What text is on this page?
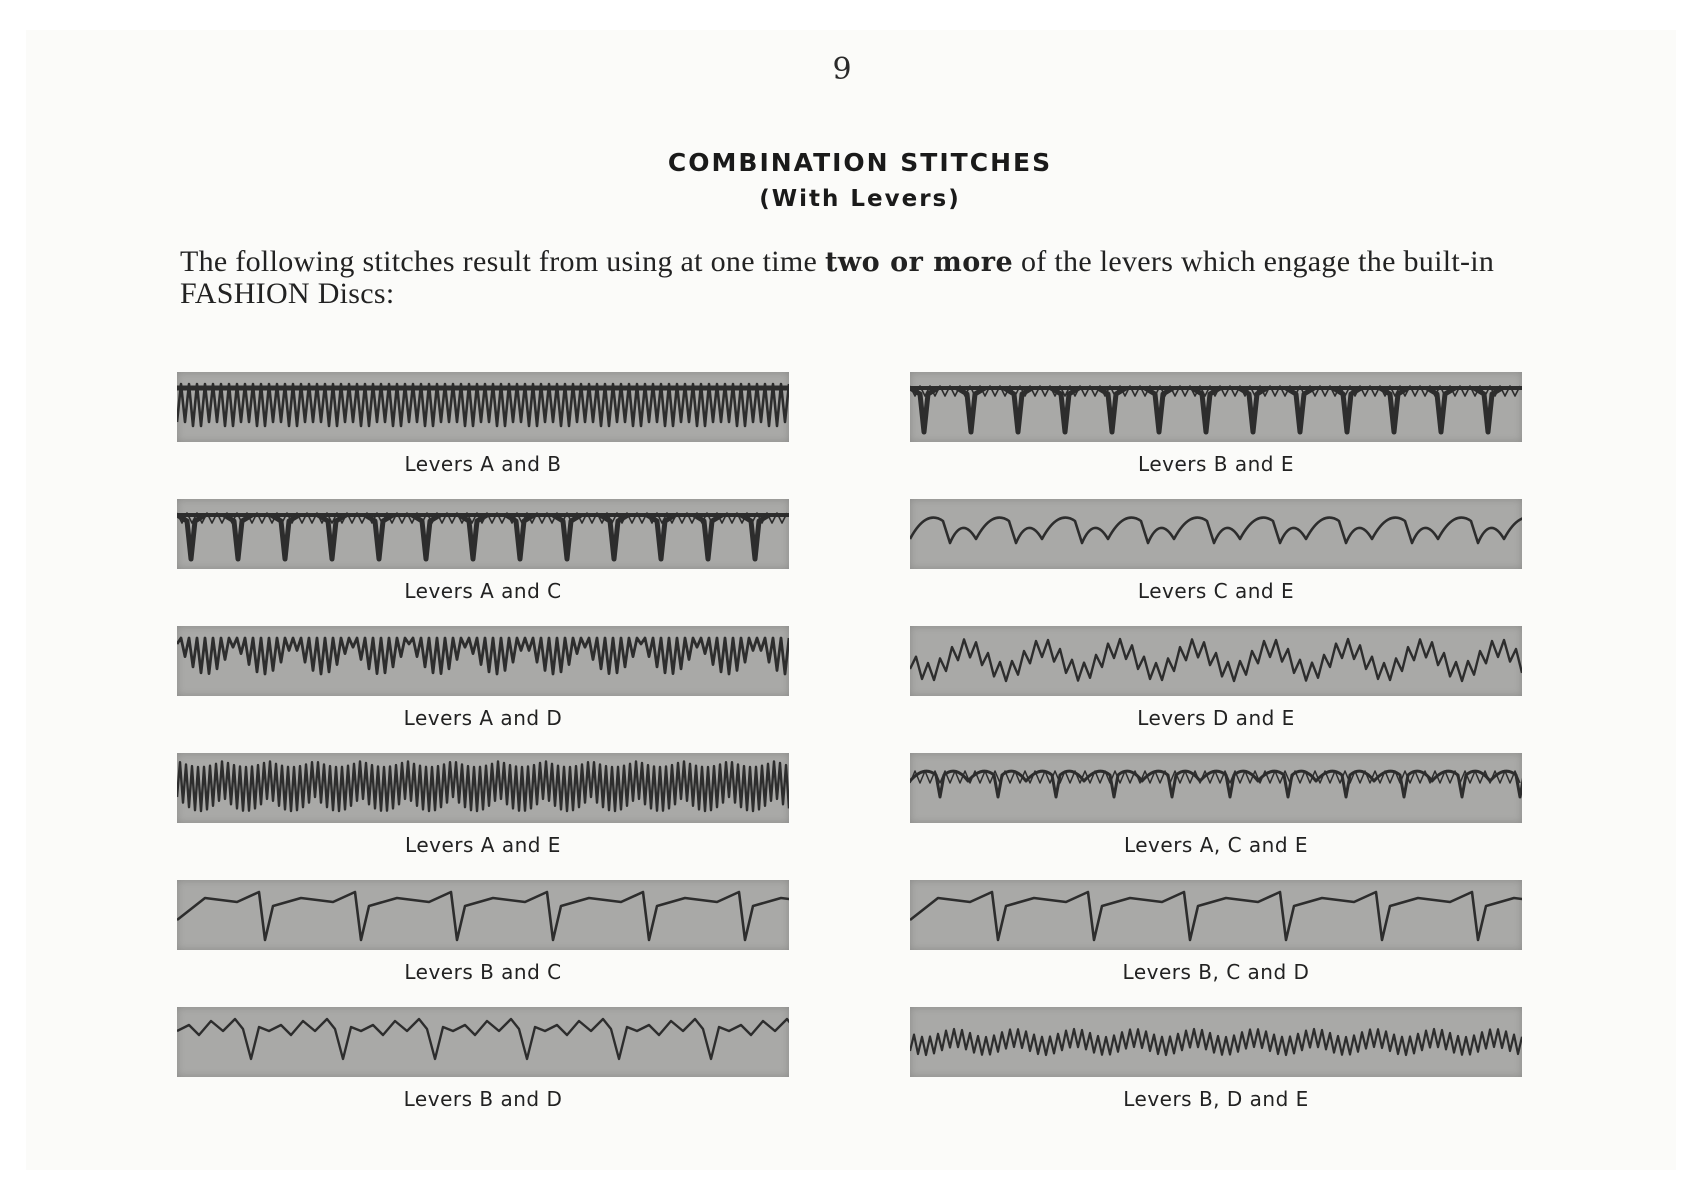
9
COMBINATION STITCHES
(With Levers)
The following stitches result from using at one time two or more of the levers which engage the built-in FASHION Discs:
Levers A and B
Levers A and C
Levers A and D
Levers A and E
Levers B and C
Levers B and D
Levers B and E
Levers C and E
Levers D and E
Levers A, C and E
Levers B, C and D
Levers B, D and E
